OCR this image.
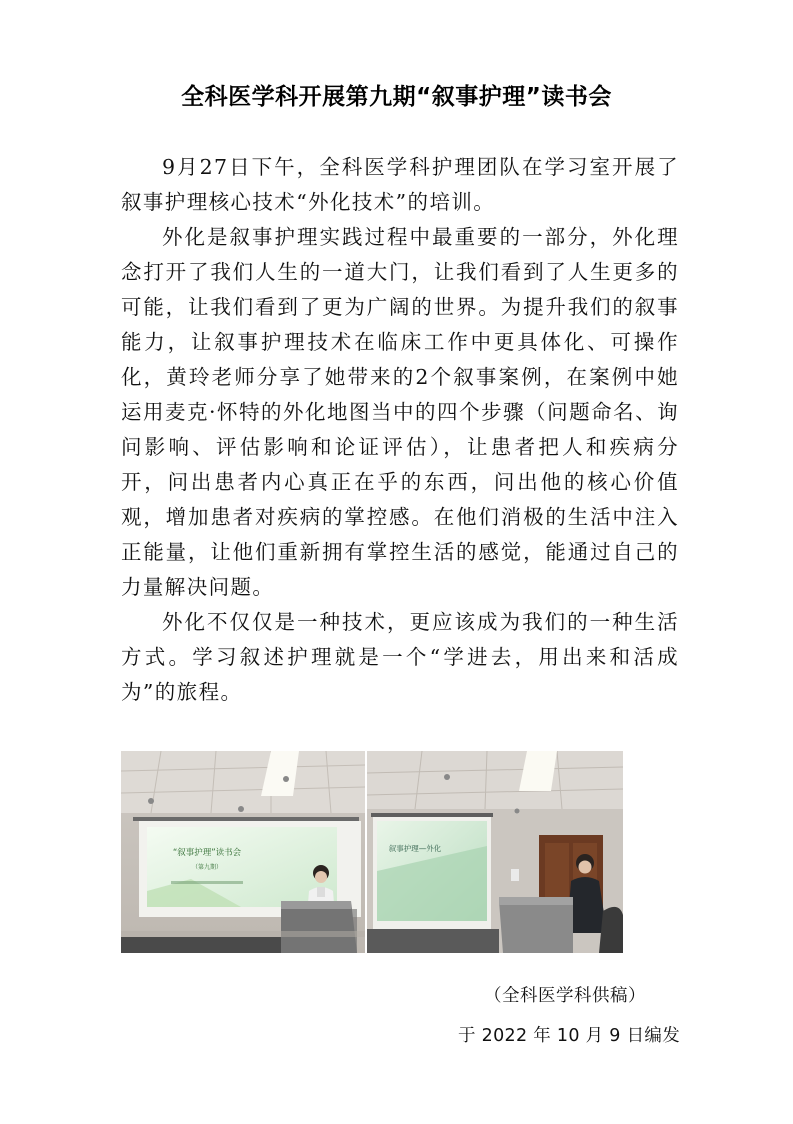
全科医学科开展第九期“叙事护理”读书会

9月27日下午，全科医学科护理团队在学习室开展了叙事护理核心技术“外化技术”的培训。

外化是叙事护理实践过程中最重要的一部分，外化理念打开了我们人生的一道大门，让我们看到了人生更多的可能，让我们看到了更为广阔的世界。为提升我们的叙事能力，让叙事护理技术在临床工作中更具体化、可操作化，黄玲老师分享了她带来的2个叙事案例，在案例中她运用麦克·怀特的外化地图当中的四个步骤（问题命名、询问影响、评估影响和论证评估），让患者把人和疾病分开，问出患者内心真正在乎的东西，问出他的核心价值观，增加患者对疾病的掌控感。在他们消极的生活中注入正能量，让他们重新拥有掌控生活的感觉，能通过自己的力量解决问题。

外化不仅仅是一种技术，更应该成为我们的一种生活方式。学习叙述护理就是一个“学进去，用出来和活成为”的旅程。

“叙事护理”读书会
（第九期）
叙事护理—外化
（全科医学科供稿）
于 2022 年 10 月 9 日编发
